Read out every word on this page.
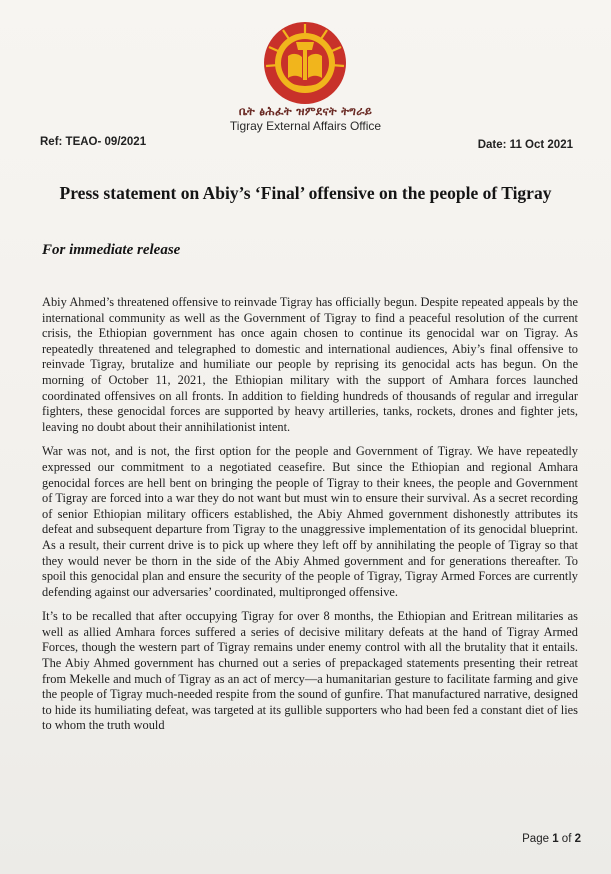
ቤት ፅሕፈት ዝምደናት ትግራይ
Tigray External Affairs Office
Ref: TEAO- 09/2021	Date: 11 Oct 2021
Press statement on Abiy’s ‘Final’ offensive on the people of Tigray
For immediate release

Abiy Ahmed’s threatened offensive to reinvade Tigray has officially begun. Despite repeated appeals by the international community as well as the Government of Tigray to find a peaceful resolution of the current crisis, the Ethiopian government has once again chosen to continue its genocidal war on Tigray. As repeatedly threatened and telegraphed to domestic and international audiences, Abiy’s final offensive to reinvade Tigray, brutalize and humiliate our people by reprising its genocidal acts has begun. On the morning of October 11, 2021, the Ethiopian military with the support of Amhara forces launched coordinated offensives on all fronts. In addition to fielding hundreds of thousands of regular and irregular fighters, these genocidal forces are supported by heavy artilleries, tanks, rockets, drones and fighter jets, leaving no doubt about their annihilationist intent.

War was not, and is not, the first option for the people and Government of Tigray. We have repeatedly expressed our commitment to a negotiated ceasefire. But since the Ethiopian and regional Amhara genocidal forces are hell bent on bringing the people of Tigray to their knees, the people and Government of Tigray are forced into a war they do not want but must win to ensure their survival. As a secret recording of senior Ethiopian military officers established, the Abiy Ahmed government dishonestly attributes its defeat and subsequent departure from Tigray to the unaggressive implementation of its genocidal blueprint. As a result, their current drive is to pick up where they left off by annihilating the people of Tigray so that they would never be thorn in the side of the Abiy Ahmed government and for generations thereafter. To spoil this genocidal plan and ensure the security of the people of Tigray, Tigray Armed Forces are currently defending against our adversaries’ coordinated, multipronged offensive.

It’s to be recalled that after occupying Tigray for over 8 months, the Ethiopian and Eritrean militaries as well as allied Amhara forces suffered a series of decisive military defeats at the hand of Tigray Armed Forces, though the western part of Tigray remains under enemy control with all the brutality that it entails. The Abiy Ahmed government has churned out a series of prepackaged statements presenting their retreat from Mekelle and much of Tigray as an act of mercy—a humanitarian gesture to facilitate farming and give the people of Tigray much-needed respite from the sound of gunfire. That manufactured narrative, designed to hide its humiliating defeat, was targeted at its gullible supporters who had been fed a constant diet of lies to whom the truth would

Page 1 of 2
